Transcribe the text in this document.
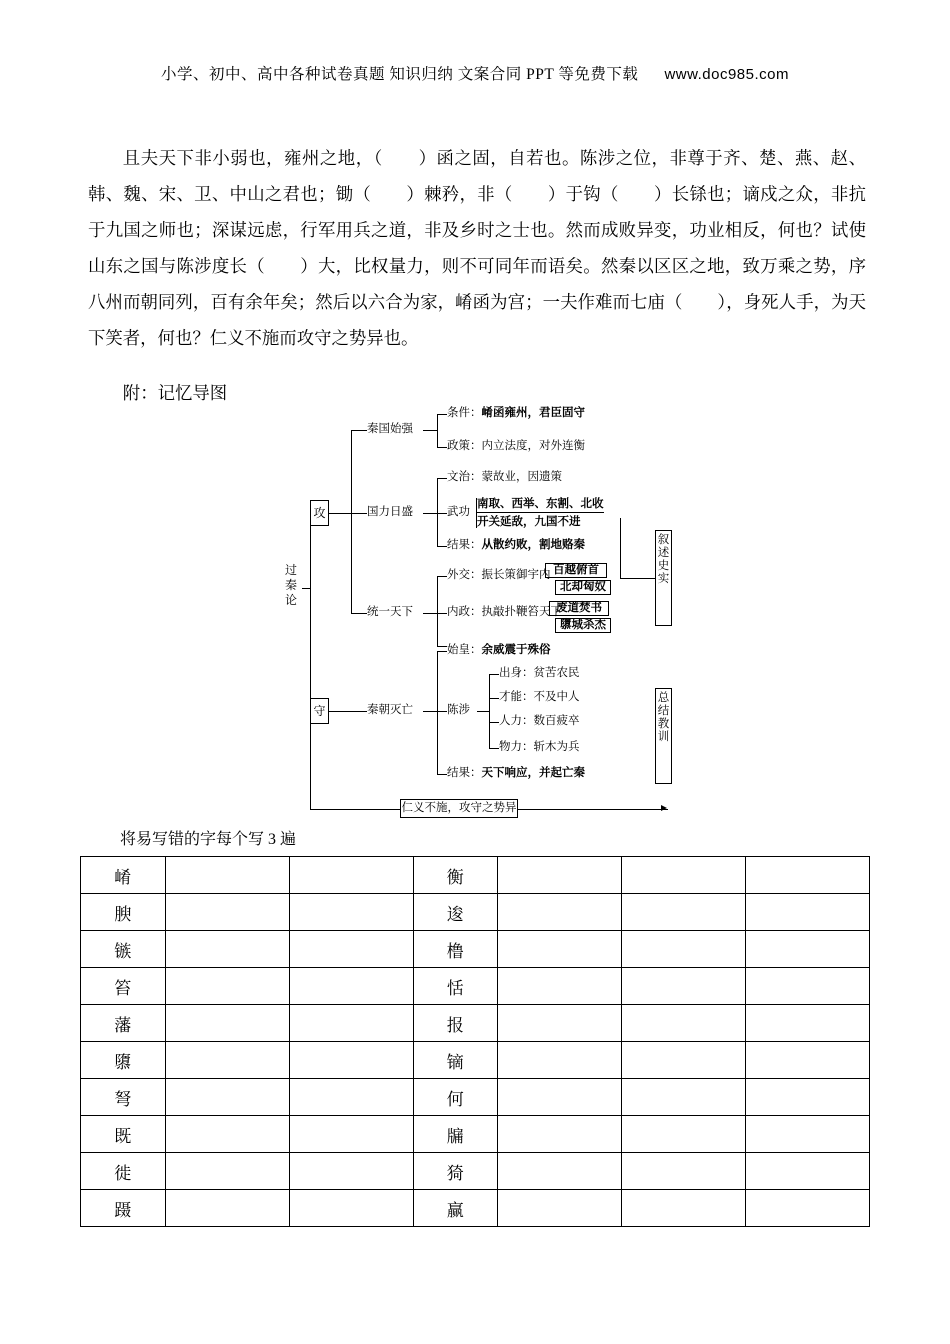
小学、初中、高中各种试卷真题 知识归纳 文案合同 PPT 等免费下载 www.doc985.com
且夫天下非小弱也，雍州之地，（　　）函之固，自若也。陈涉之位，非尊于齐、楚、燕、赵、韩、魏、宋、卫、中山之君也；锄（　　）棘矜，非（　　）于钩（　　）长铩也；谪戍之众，非抗于九国之师也；深谋远虑，行军用兵之道，非及乡时之士也。然而成败异变，功业相反，何也？试使山东之国与陈涉度长（　　）大，比权量力，则不可同年而语矣。然秦以区区之地，致万乘之势，序八州而朝同列，百有余年矣；然后以六合为家，崤函为宫；一夫作难而七庙（　　），身死人手，为天下笑者，何也？仁义不施而攻守之势异也。
附：记忆导图
过
秦
论
攻
守
秦国始强
国力日盛
统一天下
条件：崤函雍州，君臣固守
政策：内立法度，对外连衡
文治：蒙故业，因遗策
武功
南取、西举、东割、北收
开关延敌，九国不进
结果：从散约败，割地赂秦
外交：振长策御宇内 百越俯首
北却匈奴
内政：执敲扑鞭笞天下
废道焚书
隳城杀杰
秦朝灭亡
始皇：余威震于殊俗
陈涉
结果：天下响应，并起亡秦
出身：贫苦农民
才能：不及中人
人力：数百疲卒
物力：斩木为兵
仁义不施，攻守之势异
叙
述
史
实
总
结
教
训
将易写错的字每个写 3 遍
崤			衡			
腴			逡			
镞			橹			
笞			恬			
藩			报			
隳			镝			
弩			何			
既			牖			
徙			猗			
蹑			赢			
